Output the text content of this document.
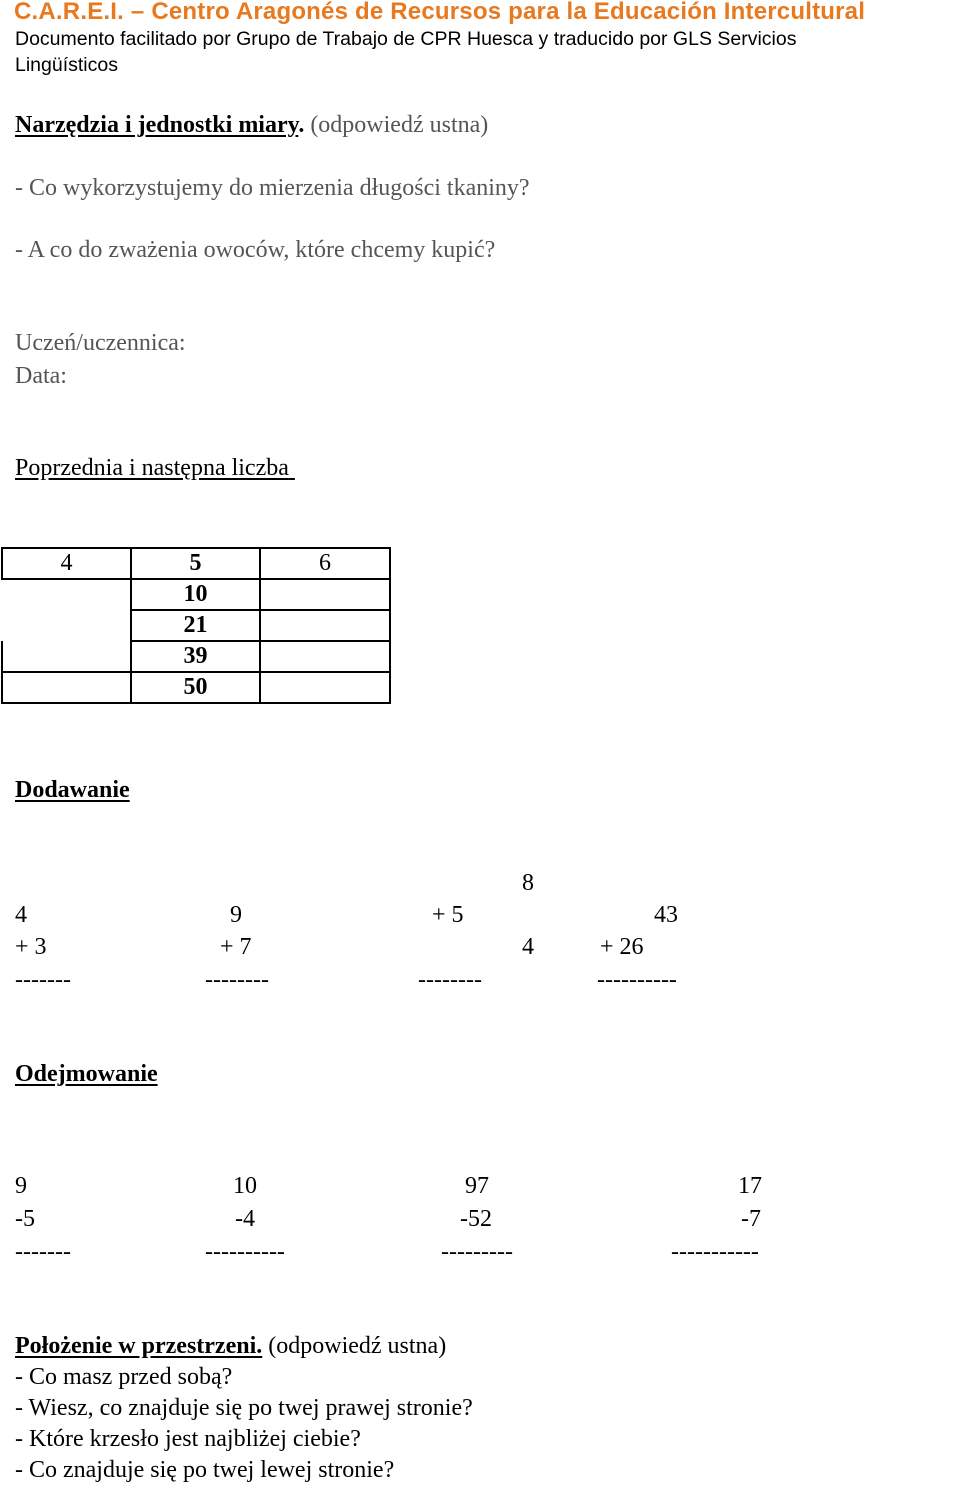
C.A.R.E.I. – Centro Aragonés de Recursos para la Educación Intercultural
Documento facilitado por Grupo de Trabajo de CPR Huesca y traducido por GLS Servicios
Lingüísticos
Narzędzia i jednostki miary. (odpowiedź ustna)
- Co wykorzystujemy do mierzenia długości tkaniny?
- A co do zważenia owoców, które chcemy kupić?
Uczeń/uczennica:
Data:
Poprzednia i następna liczba
4	5	6
	10	
	21	
	39	
	50	
Dodawanie
8
4	9	+ 5	43
+ 3	+ 7	4	+ 26
-------	--------	--------	----------
Odejmowanie
9	10	97	17
-5	-4	-52	-7
-------	----------	---------	-----------
Położenie w przestrzeni. (odpowiedź ustna)
- Co masz przed sobą?
- Wiesz, co znajduje się po twej prawej stronie?
- Które krzesło jest najbliżej ciebie?
- Co znajduje się po twej lewej stronie?
